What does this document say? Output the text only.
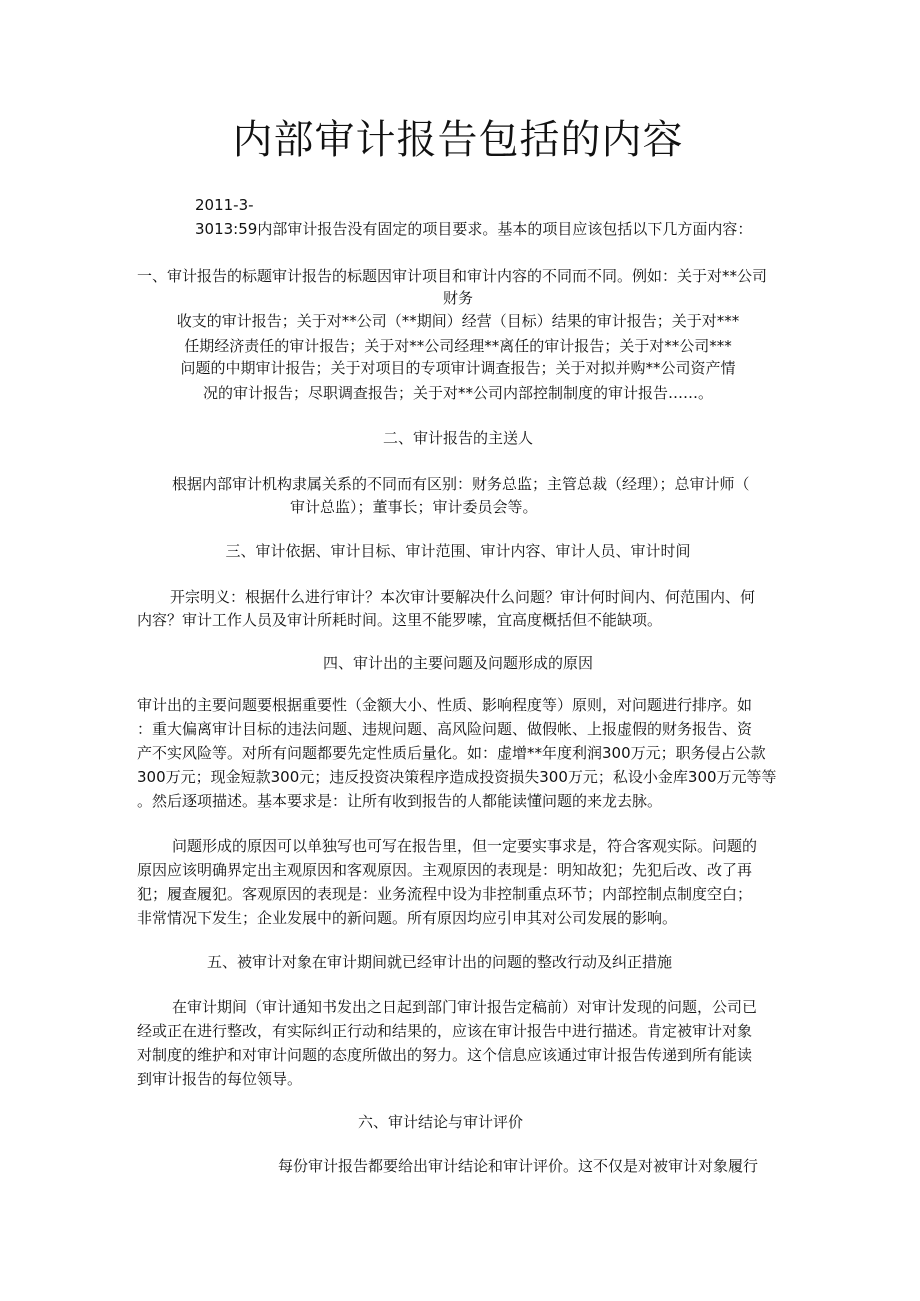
内部审计报告包括的内容
2011-3-
3013:59内部审计报告没有固定的项目要求。基本的项目应该包括以下几方面内容：
一、审计报告的标题审计报告的标题因审计项目和审计内容的不同而不同。例如：关于对**公司
财务
收支的审计报告；关于对**公司（**期间）经营（目标）结果的审计报告；关于对***
任期经济责任的审计报告；关于对**公司经理**离任的审计报告；关于对**公司***
问题的中期审计报告；关于对项目的专项审计调查报告；关于对拟并购**公司资产情
况的审计报告；尽职调查报告；关于对**公司内部控制制度的审计报告……。
二、审计报告的主送人
根据内部审计机构隶属关系的不同而有区别：财务总监；主管总裁（经理）；总审计师（
审计总监）；董事长；审计委员会等。
三、审计依据、审计目标、审计范围、审计内容、审计人员、审计时间
开宗明义：根据什么进行审计？本次审计要解决什么问题？审计何时间内、何范围内、何
内容？审计工作人员及审计所耗时间。这里不能罗嗦，宜高度概括但不能缺项。
四、审计出的主要问题及问题形成的原因
审计出的主要问题要根据重要性（金额大小、性质、影响程度等）原则，对问题进行排序。如
：重大偏离审计目标的违法问题、违规问题、高风险问题、做假帐、上报虚假的财务报告、资
产不实风险等。对所有问题都要先定性质后量化。如：虚增**年度利润300万元；职务侵占公款
300万元；现金短款300元；违反投资决策程序造成投资损失300万元；私设小金库300万元等等
。然后逐项描述。基本要求是：让所有收到报告的人都能读懂问题的来龙去脉。
问题形成的原因可以单独写也可写在报告里，但一定要实事求是，符合客观实际。问题的
原因应该明确界定出主观原因和客观原因。主观原因的表现是：明知故犯；先犯后改、改了再
犯；履查履犯。客观原因的表现是：业务流程中设为非控制重点环节；内部控制点制度空白；
非常情况下发生；企业发展中的新问题。所有原因均应引申其对公司发展的影响。
五、被审计对象在审计期间就已经审计出的问题的整改行动及纠正措施
在审计期间（审计通知书发出之日起到部门审计报告定稿前）对审计发现的问题，公司已
经或正在进行整改，有实际纠正行动和结果的，应该在审计报告中进行描述。肯定被审计对象
对制度的维护和对审计问题的态度所做出的努力。这个信息应该通过审计报告传递到所有能读
到审计报告的每位领导。
六、审计结论与审计评价
每份审计报告都要给出审计结论和审计评价。这不仅是对被审计对象履行
